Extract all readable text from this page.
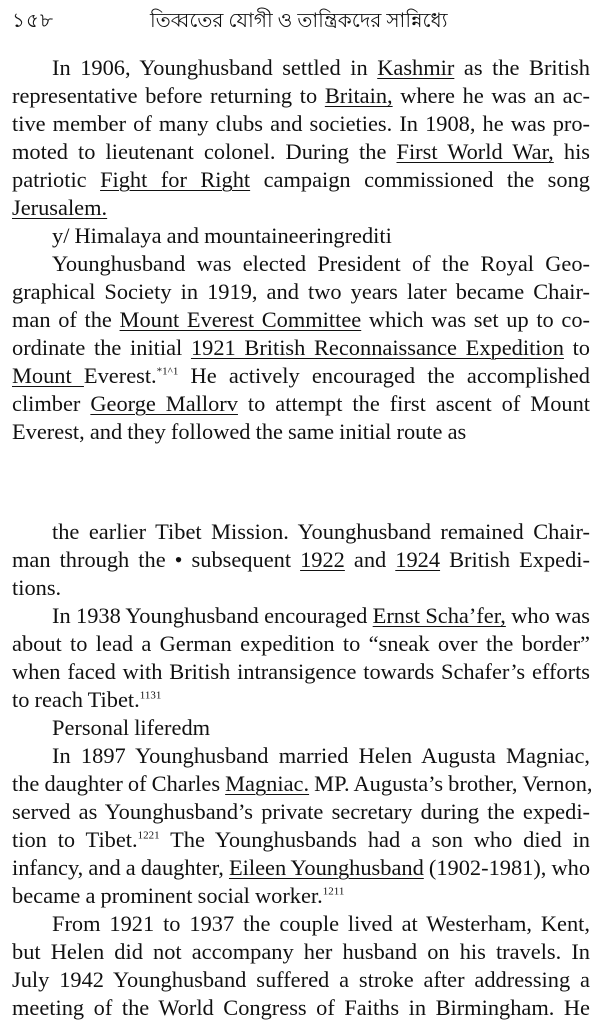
১৫৮	তিব্বতের যোগী ও তান্ত্রিকদের সান্নিধ্যে
In 1906, Younghusband settled in Kashmir as the British
representative before returning to Britain, where he was an ac-
tive member of many clubs and societies. In 1908, he was pro-
moted to lieutenant colonel. During the First World War, his
patriotic Fight for Right campaign commissioned the song
Jerusalem.
y/ Himalaya and mountaineeringrediti
Younghusband was elected President of the Royal Geo-
graphical Society in 1919, and two years later became Chair-
man of the Mount Everest Committee which was set up to co-
ordinate the initial 1921 British Reconnaissance Expedition to
Mount Everest.$^{*1\^{}1}$ He actively encouraged the accomplished
climber George Mallorv to attempt the first ascent of Mount
Everest, and they followed the same initial route as
the earlier Tibet Mission. Younghusband remained Chair-
man through the • subsequent 1922 and 1924 British Expedi-
tions.
In 1938 Younghusband encouraged Ernst Scha’fer, who was
about to lead a German expedition to “sneak over the border”
when faced with British intransigence towards Schafer’s efforts
to reach Tibet.$^{1131}$
Personal liferedm
In 1897 Younghusband married Helen Augusta Magniac,
the daughter of Charles Magniac. MP. Augusta’s brother, Vernon,
served as Younghusband’s private secretary during the expedi-
tion to Tibet.$^{1221}$ The Younghusbands had a son who died in
infancy, and a daughter, Eileen Younghusband (1902-1981), who
became a prominent social worker.$^{1211}$
From 1921 to 1937 the couple lived at Westerham, Kent,
but Helen did not accompany her husband on his travels. In
July 1942 Younghusband suffered a stroke after addressing a
meeting of the World Congress of Faiths in Birmingham. He
